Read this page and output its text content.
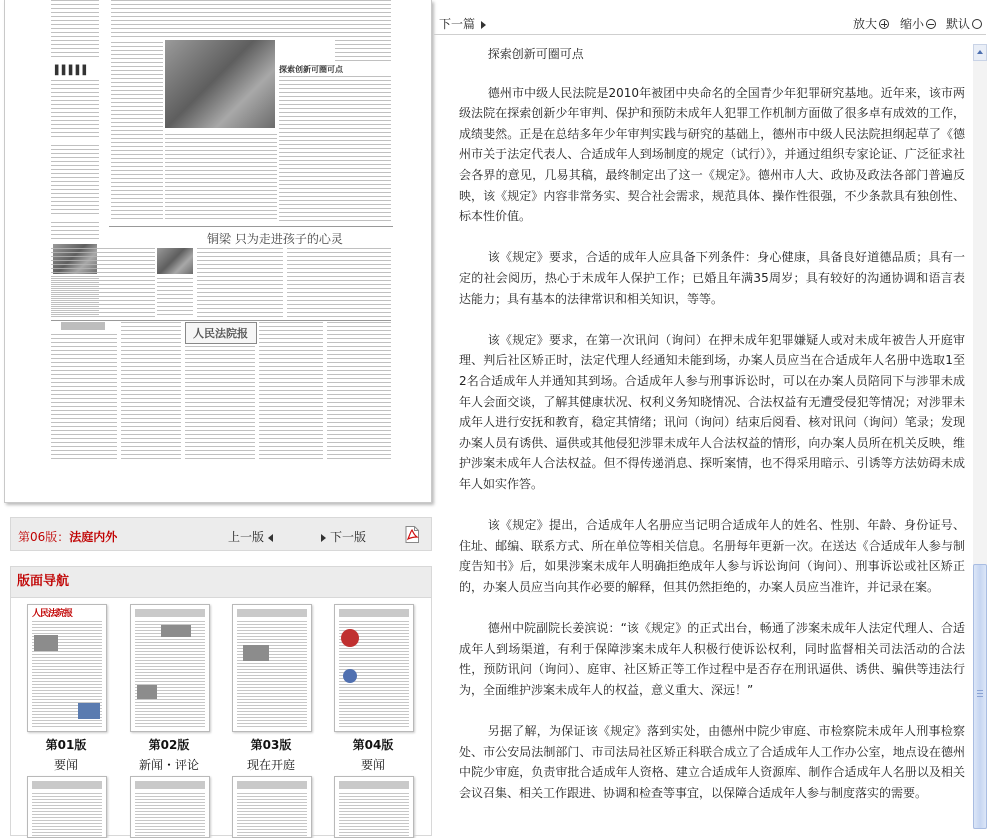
▌▌▌▌▌	探索创新可圈可点
铜梁 只为走进孩子的心灵
人民法院报
第06版：法庭内外	上一版	下一版
版面导航
人民法院报
第01版	第02版	第03版	第04版
要闻	新闻・评论	现在开庭	要闻
下一篇	放大	缩小	默认

探索创新可圈可点

德州市中级人民法院是2010年被团中央命名的全国青少年犯罪研究基地。近年来，该市两级法院在探索创新少年审判、保护和预防未成年人犯罪工作机制方面做了很多卓有成效的工作，成绩斐然。正是在总结多年少年审判实践与研究的基础上，德州市中级人民法院担纲起草了《德州市关于法定代表人、合适成年人到场制度的规定（试行）》，并通过组织专家论证、广泛征求社会各界的意见，几易其稿，最终制定出了这一《规定》。德州市人大、政协及政法各部门普遍反映，该《规定》内容非常务实、契合社会需求，规范具体、操作性很强，不少条款具有独创性、标本性价值。

该《规定》要求，合适的成年人应具备下列条件：身心健康，具备良好道德品质；具有一定的社会阅历，热心于未成年人保护工作；已婚且年满35周岁；具有较好的沟通协调和语言表达能力；具有基本的法律常识和相关知识，等等。

该《规定》要求，在第一次讯问（询问）在押未成年犯罪嫌疑人或对未成年被告人开庭审理、判后社区矫正时，法定代理人经通知未能到场，办案人员应当在合适成年人名册中选取1至2名合适成年人并通知其到场。合适成年人参与刑事诉讼时，可以在办案人员陪同下与涉罪未成年人会面交谈，了解其健康状况、权利义务知晓情况、合法权益有无遭受侵犯等情况；对涉罪未成年人进行安抚和教育，稳定其情绪；讯问（询问）结束后阅看、核对讯问（询问）笔录；发现办案人员有诱供、逼供或其他侵犯涉罪未成年人合法权益的情形，向办案人员所在机关反映，维护涉案未成年人合法权益。但不得传递消息、探听案情，也不得采用暗示、引诱等方法妨碍未成年人如实作答。

该《规定》提出，合适成年人名册应当记明合适成年人的姓名、性别、年龄、身份证号、住址、邮编、联系方式、所在单位等相关信息。名册每年更新一次。在送达《合适成年人参与制度告知书》后，如果涉案未成年人明确拒绝成年人参与诉讼询问（询问）、刑事诉讼或社区矫正的，办案人员应当向其作必要的解释，但其仍然拒绝的，办案人员应当准许，并记录在案。

德州中院副院长姜滨说：“该《规定》的正式出台，畅通了涉案未成年人法定代理人、合适成年人到场渠道，有利于保障涉案未成年人积极行使诉讼权利，同时监督相关司法活动的合法性，预防讯问（询问）、庭审、社区矫正等工作过程中是否存在刑讯逼供、诱供、骗供等违法行为，全面维护涉案未成年人的权益，意义重大、深远！”

另据了解，为保证该《规定》落到实处，由德州中院少审庭、市检察院未成年人刑事检察处、市公安局法制部门、市司法局社区矫正科联合成立了合适成年人工作办公室，地点设在德州中院少审庭，负责审批合适成年人资格、建立合适成年人资源库、制作合适成年人名册以及相关会议召集、相关工作跟进、协调和检查等事宜，以保障合适成年人参与制度落实的需要。
